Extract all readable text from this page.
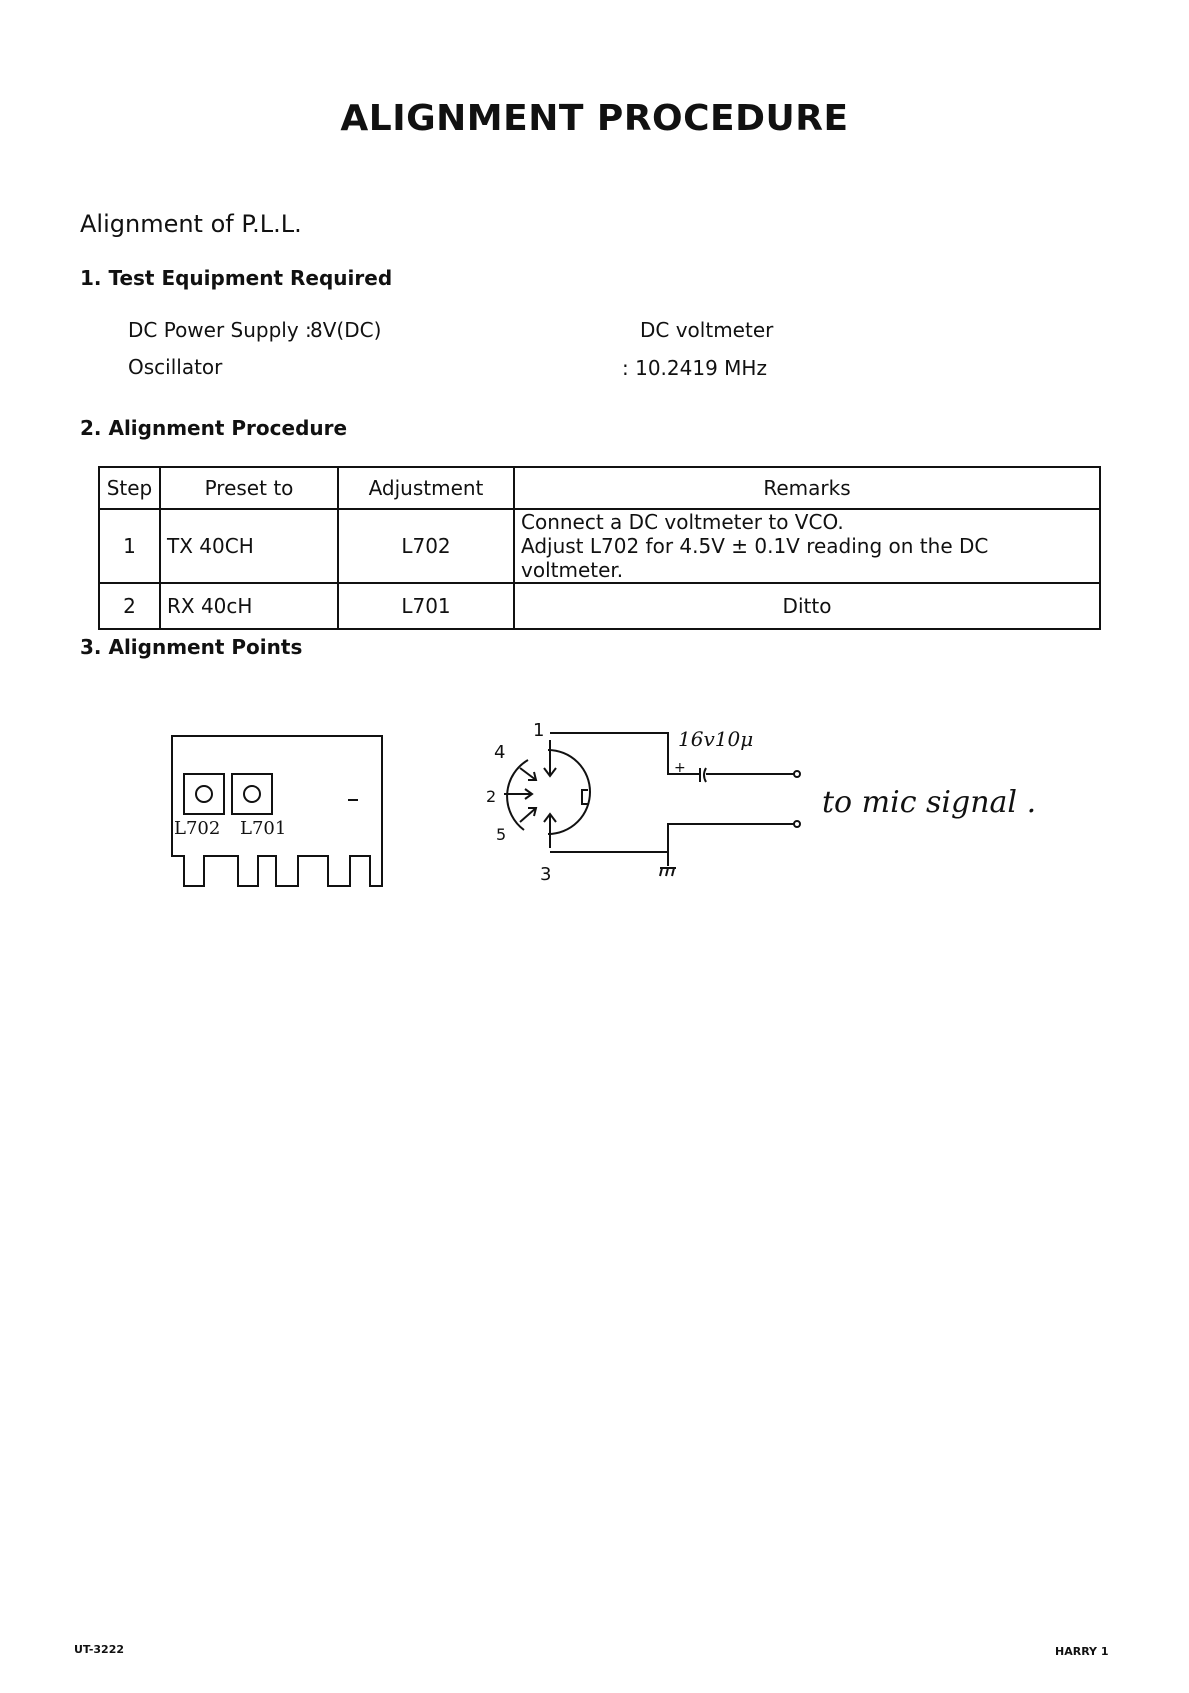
ALIGNMENT PROCEDURE
Alignment of P.L.L.
1. Test Equipment Required
DC Power Supply :
8V(DC)	DC voltmeter
Oscillator	: 10.2419 MHz
2. Alignment Procedure
Step	Preset to	Adjustment	Remarks
1	TX 40CH	L702	Connect a DC voltmeter to VCO.
Adjust L702 for 4.5V ± 0.1V reading on the DC voltmeter.

2	RX 40cH	L701	Ditto
3. Alignment Points
L702 L701
1
4
2
5
3
16v10μ
+
to mic signal .
UT-3222	HARRY 1
